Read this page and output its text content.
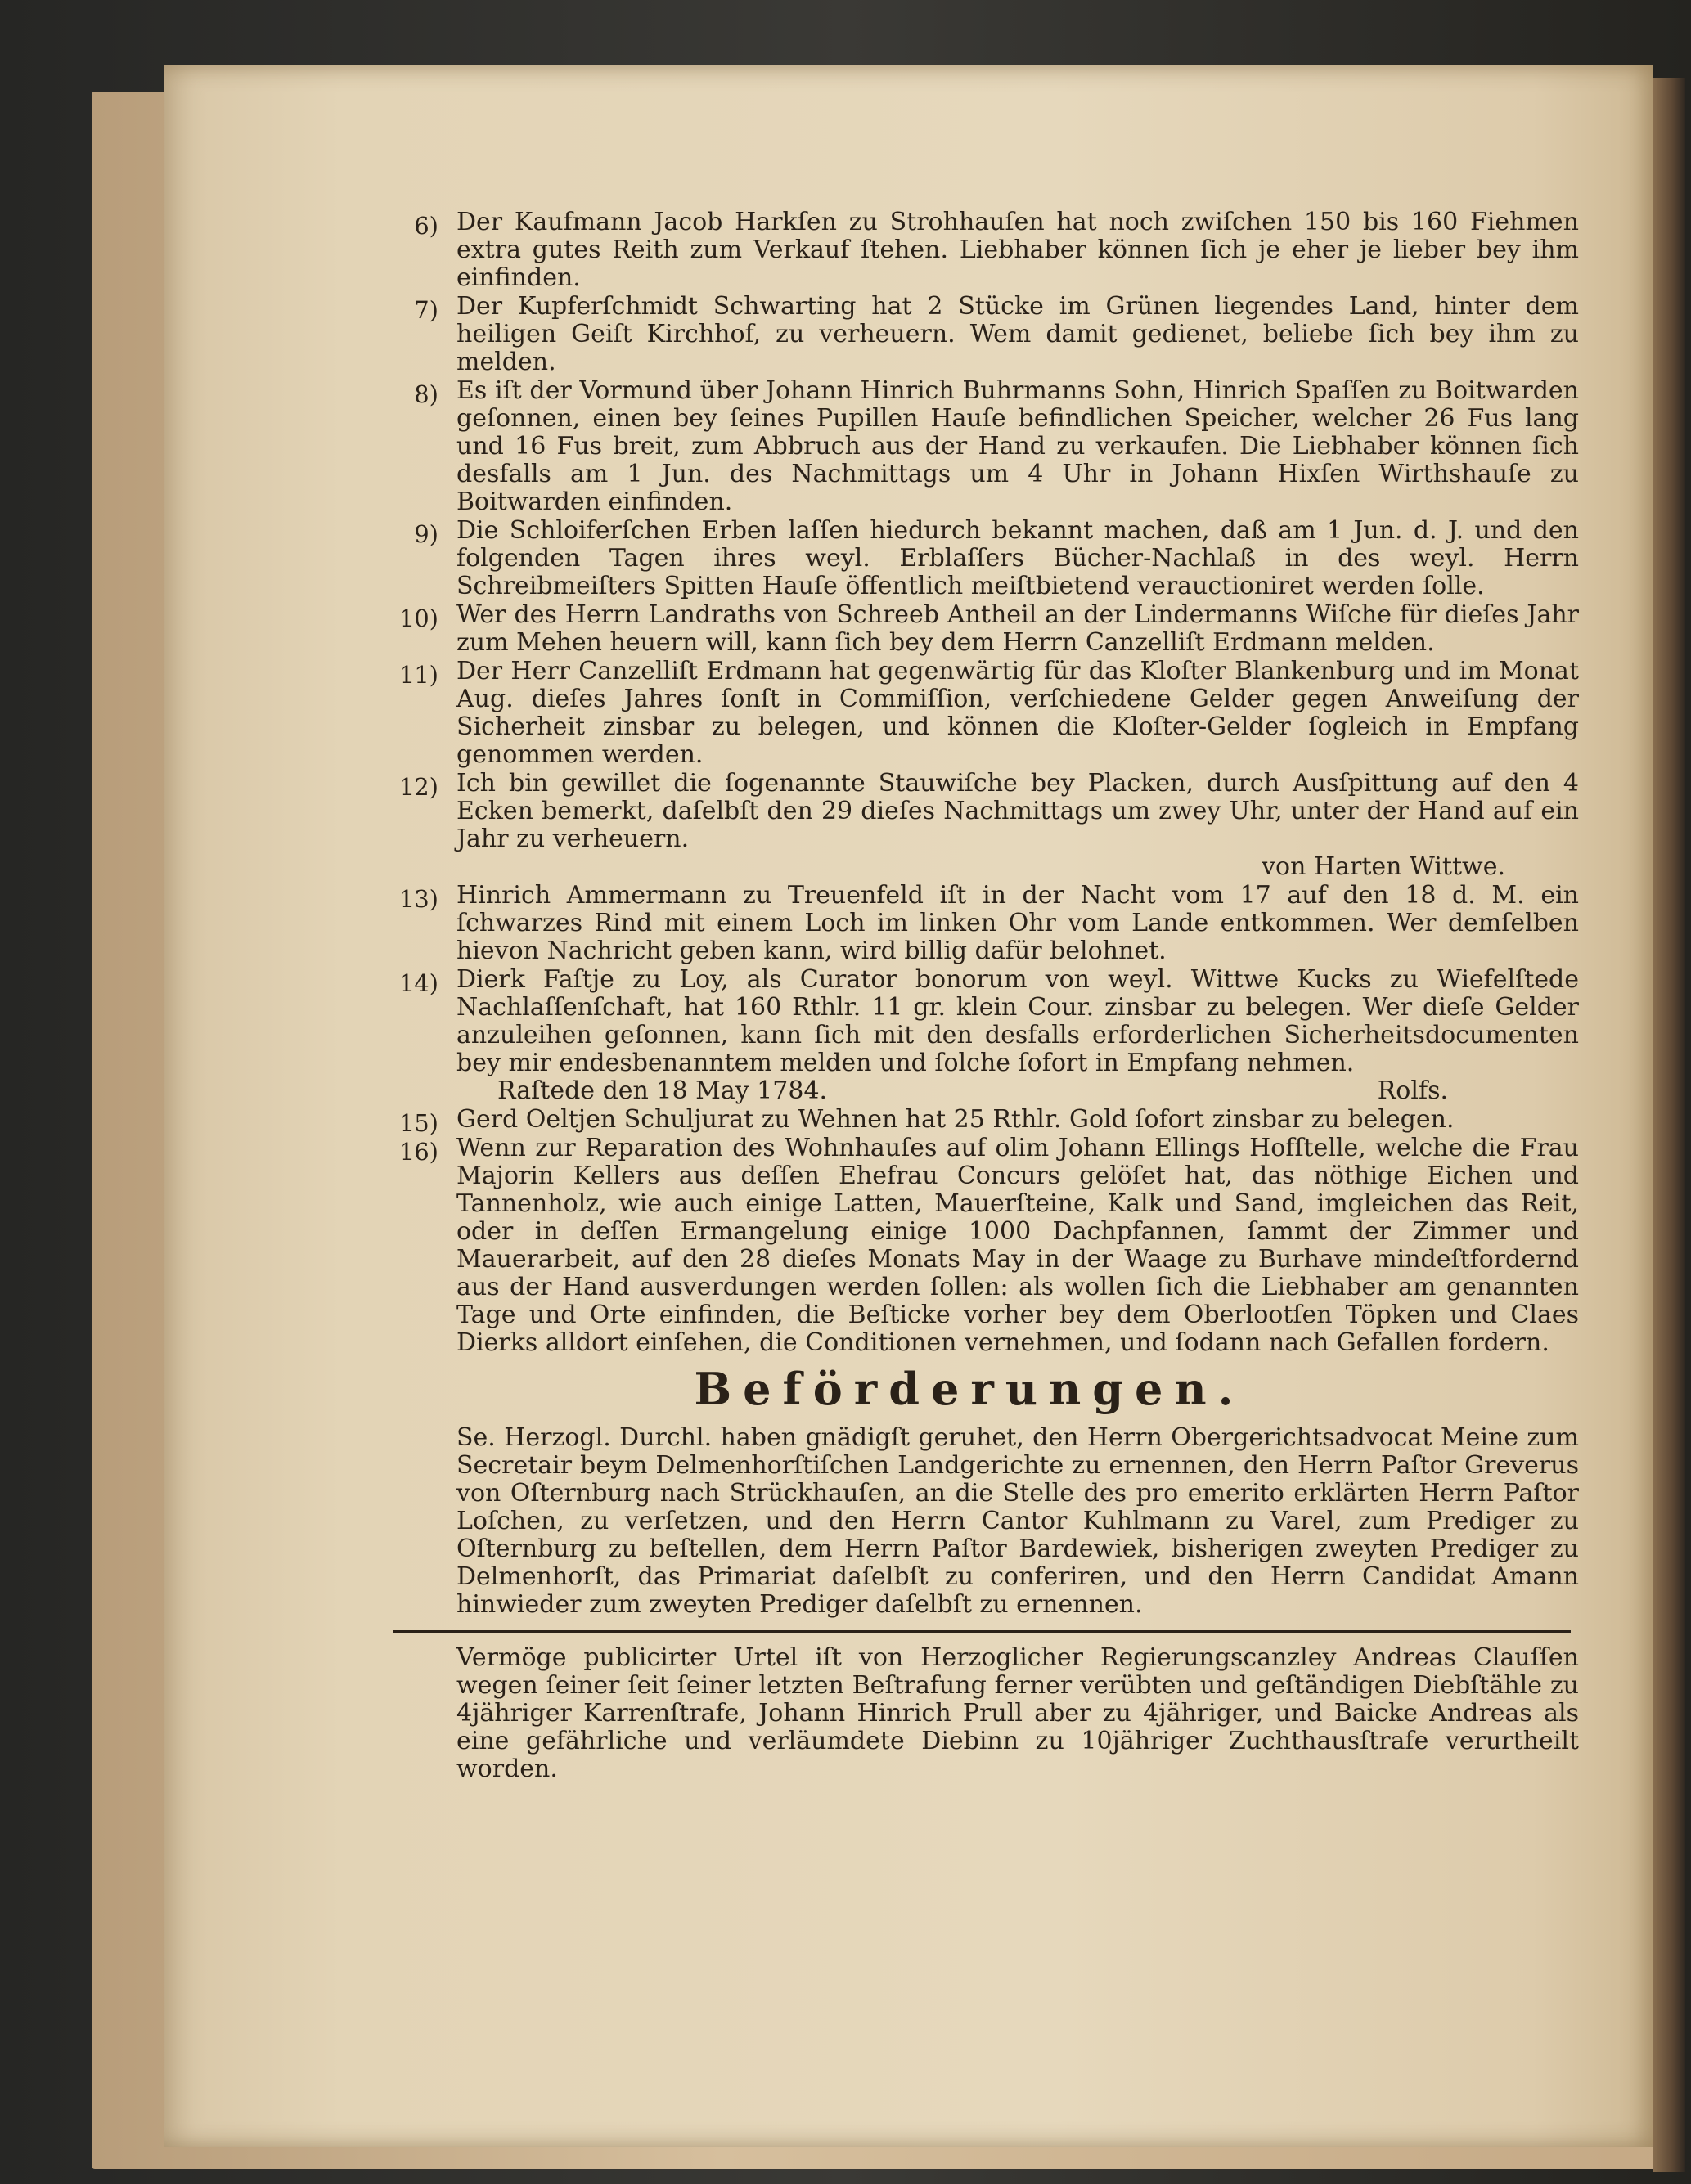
6) Der Kaufmann Jacob Harkſen zu Strohhauſen hat noch zwiſchen 150 bis 160 Fiehmen extra gutes Reith zum Verkauf ſtehen. Liebhaber können ſich je eher je lieber bey ihm einfinden.
7) Der Kupferſchmidt Schwarting hat 2 Stücke im Grünen liegendes Land, hinter dem heiligen Geiſt Kirchhof, zu verheuern. Wem damit gedienet, beliebe ſich bey ihm zu melden.
8) Es iſt der Vormund über Johann Hinrich Buhrmanns Sohn, Hinrich Spaſſen zu Boitwarden geſonnen, einen bey ſeines Pupillen Hauſe befindlichen Speicher, welcher 26 Fus lang und 16 Fus breit, zum Abbruch aus der Hand zu verkaufen. Die Liebhaber können ſich desfalls am 1 Jun. des Nachmittags um 4 Uhr in Johann Hixſen Wirthshauſe zu Boitwarden einfinden.
9) Die Schloiferſchen Erben laſſen hiedurch bekannt machen, daß am 1 Jun. d. J. und den folgenden Tagen ihres weyl. Erblaſſers Bücher-Nachlaß in des weyl. Herrn Schreibmeiſters Spitten Hauſe öffentlich meiſtbietend verauctioniret werden ſolle.
10) Wer des Herrn Landraths von Schreeb Antheil an der Lindermanns Wiſche für dieſes Jahr zum Mehen heuern will, kann ſich bey dem Herrn Canzelliſt Erdmann melden.
11) Der Herr Canzelliſt Erdmann hat gegenwärtig für das Kloſter Blankenburg und im Monat Aug. dieſes Jahres ſonſt in Commiſſion, verſchiedene Gelder gegen Anweiſung der Sicherheit zinsbar zu belegen, und können die Kloſter-Gelder ſogleich in Empfang genommen werden.
12) Ich bin gewillet die ſogenannte Stauwiſche bey Placken, durch Ausſpittung auf den 4 Ecken bemerkt, daſelbſt den 29 dieſes Nachmittags um zwey Uhr, unter der Hand auf ein Jahr zu verheuern.
von Harten Wittwe.
13) Hinrich Ammermann zu Treuenfeld iſt in der Nacht vom 17 auf den 18 d. M. ein ſchwarzes Rind mit einem Loch im linken Ohr vom Lande entkommen. Wer demſelben hievon Nachricht geben kann, wird billig dafür belohnet.
14) Dierk Faſtje zu Loy, als Curator bonorum von weyl. Wittwe Kucks zu Wiefelſtede Nachlaſſenſchaft, hat 160 Rthlr. 11 gr. klein Cour. zinsbar zu belegen. Wer dieſe Gelder anzuleihen geſonnen, kann ſich mit den desfalls erforderlichen Sicherheitsdocumenten bey mir endesbenanntem melden und ſolche ſofort in Empfang nehmen.
Raſtede den 18 May 1784.	Rolfs.
15) Gerd Oeltjen Schuljurat zu Wehnen hat 25 Rthlr. Gold ſofort zinsbar zu belegen.
16) Wenn zur Reparation des Wohnhauſes auf olim Johann Ellings Hofſtelle, welche die Frau Majorin Kellers aus deſſen Ehefrau Concurs gelöſet hat, das nöthige Eichen und Tannenholz, wie auch einige Latten, Mauerſteine, Kalk und Sand, imgleichen das Reit, oder in deſſen Ermangelung einige 1000 Dachpfannen, ſammt der Zimmer und Mauerarbeit, auf den 28 dieſes Monats May in der Waage zu Burhave mindeſtfordernd aus der Hand ausverdungen werden ſollen: als wollen ſich die Liebhaber am genannten Tage und Orte einfinden, die Beſticke vorher bey dem Oberlootſen Töpken und Claes Dierks alldort einſehen, die Conditionen vernehmen, und ſodann nach Gefallen fordern.
Beförderungen.
Se. Herzogl. Durchl. haben gnädigſt geruhet, den Herrn Obergerichtsadvocat Meine zum Secretair beym Delmenhorſtiſchen Landgerichte zu ernennen, den Herrn Paſtor Greverus von Oſternburg nach Strückhauſen, an die Stelle des pro emerito erklärten Herrn Paſtor Loſchen, zu verſetzen, und den Herrn Cantor Kuhlmann zu Varel, zum Prediger zu Oſternburg zu beſtellen, dem Herrn Paſtor Bardewiek, bisherigen zweyten Prediger zu Delmenhorſt, das Primariat daſelbſt zu conferiren, und den Herrn Candidat Amann hinwieder zum zweyten Prediger daſelbſt zu ernennen.
Vermöge publicirter Urtel iſt von Herzoglicher Regierungscanzley Andreas Clauſſen wegen ſeiner ſeit ſeiner letzten Beſtrafung ferner verübten und geſtändigen Diebſtähle zu 4jähriger Karrenſtrafe, Johann Hinrich Prull aber zu 4jähriger, und Baicke Andreas als eine gefährliche und verläumdete Diebinn zu 10jähriger Zuchthausſtrafe verurtheilt worden.
